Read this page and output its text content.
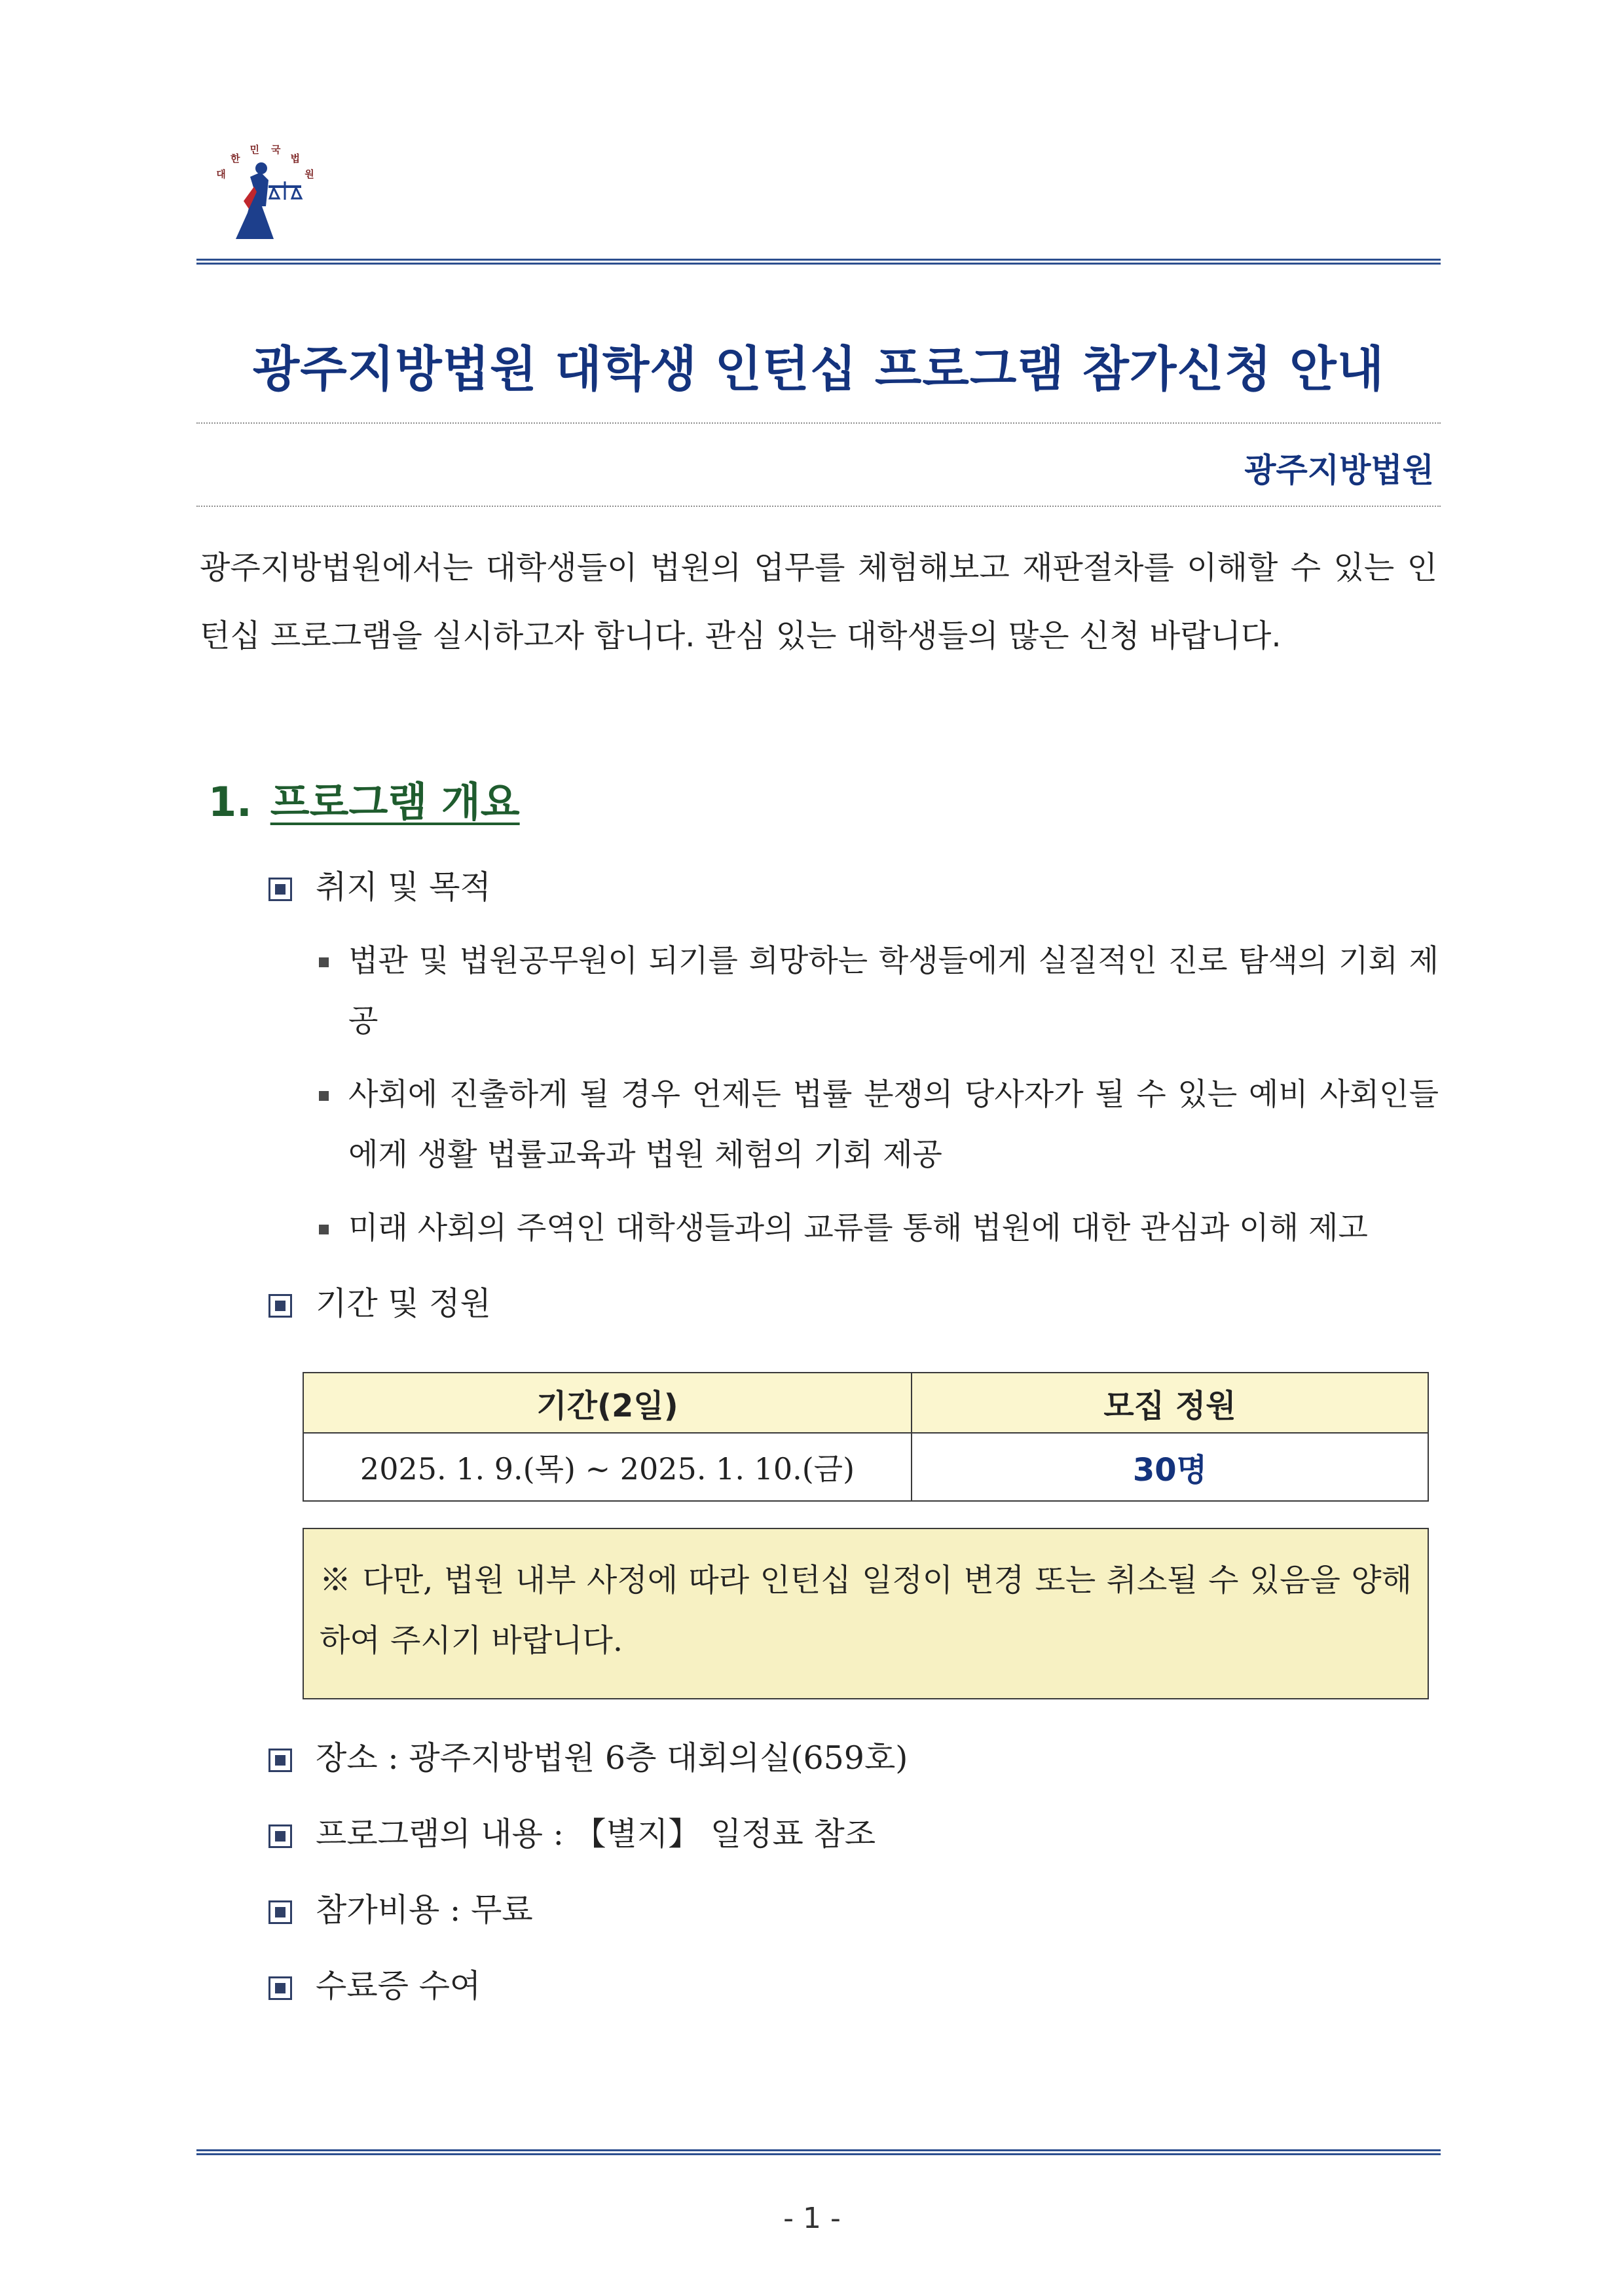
대
한
민 국
법
원
광주지방법원 대학생 인턴십 프로그램 참가신청 안내
광주지방법원

광주지방법원에서는 대학생들이 법원의 업무를 체험해보고 재판절차를 이해할 수 있는 인턴십 프로그램을 실시하고자 합니다. 관심 있는 대학생들의 많은 신청 바랍니다.

1. 프로그램 개요
취지 및 목적

법관 및 법원공무원이 되기를 희망하는 학생들에게 실질적인 진로 탐색의 기회 제공

사회에 진출하게 될 경우 언제든 법률 분쟁의 당사자가 될 수 있는 예비 사회인들에게 생활 법률교육과 법원 체험의 기회 제공

미래 사회의 주역인 대학생들과의 교류를 통해 법원에 대한 관심과 이해 제고

기간 및 정원
기간(2일)	모집 정원
2025. 1. 9.(목) ~ 2025. 1. 10.(금)	30명

※ 다만, 법원 내부 사정에 따라 인턴십 일정이 변경 또는 취소될 수 있음을 양해하여 주시기 바랍니다.

장소 : 광주지방법원 6층 대회의실(659호)
프로그램의 내용 : 【별지】 일정표 참조
참가비용 : 무료
수료증 수여
- 1 -
